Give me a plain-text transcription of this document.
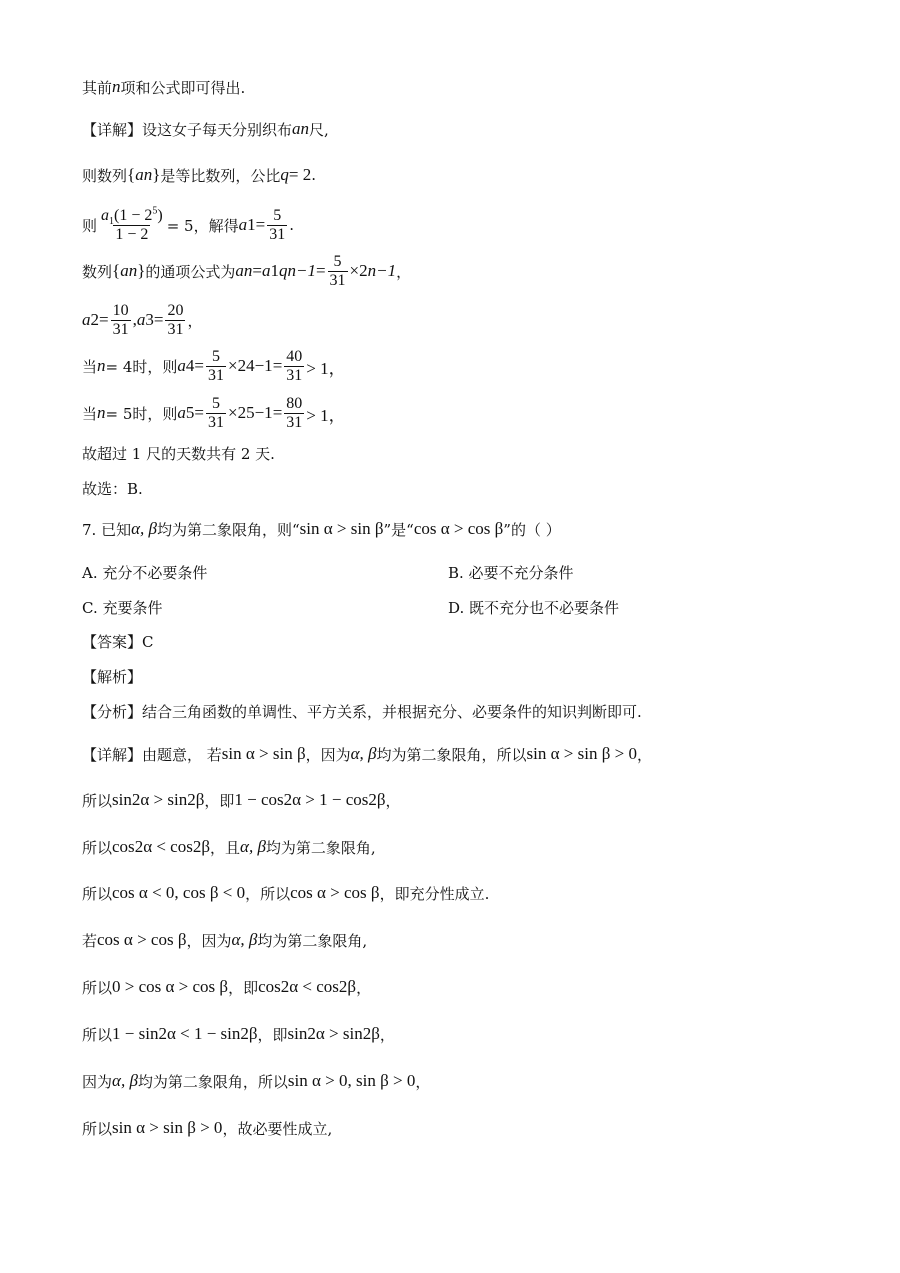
其前 n 项和公式即可得出.
【详解】设这女子每天分别织布 a n 尺,
则数列 { a n } 是等比数列，公比 q = 2 .
则 $\frac{a_1(1 - 2^5)}{1 - 2} = 5$，解得 a $1 = \frac{5}{31}$ .
数列 { a n } 的通项公式为 a n = a 1 q $n-1 = \frac{5}{31} \times 2$ n−1 ，
a $2 = \frac{10}{31}$ , a $3 = \frac{20}{31}$ ，
当 n = 4时，则 a $4 = \frac{5}{31} \times 2$ $4-1 = \frac{40}{31} > 1$，
当 n = 5时，则 a $5 = \frac{5}{31} \times 2$ $5-1 = \frac{80}{31} > 1$，
故超过 1 尺的天数共有 2 天.
故选：B.
7. 已知 α, β 均为第二象限角，则“ sin α > sin β ”是“ cos α > cos β ”的（ ）
A. 充分不必要条件	B. 必要不充分条件
C. 充要条件	D. 既不充分也不必要条件
【答案】C
【解析】
【分析】结合三角函数的单调性、平方关系，并根据充分、必要条件的知识判断即可.
【详解】由题意， 若 sin α > sin β ，因为 α, β 均为第二象限角，所以 sin α > sin β > 0 ，
所以 sin 2 α > sin 2 β ，即 1 − cos 2 α > 1 − cos 2 β ，
所以 cos 2 α < cos 2 β ，且 α, β 均为第二象限角,
所以 cos α < 0, cos β < 0 ，所以 cos α > cos β ，即充分性成立.
若 cos α > cos β ，因为 α, β 均为第二象限角,
所以 0 > cos α > cos β ，即 cos 2 α < cos 2 β ，
所以 1 − sin 2 α < 1 − sin 2 β ，即 sin 2 α > sin 2 β ，
因为 α, β 均为第二象限角，所以 sin α > 0, sin β > 0 ，
所以 sin α > sin β > 0 ，故必要性成立,
